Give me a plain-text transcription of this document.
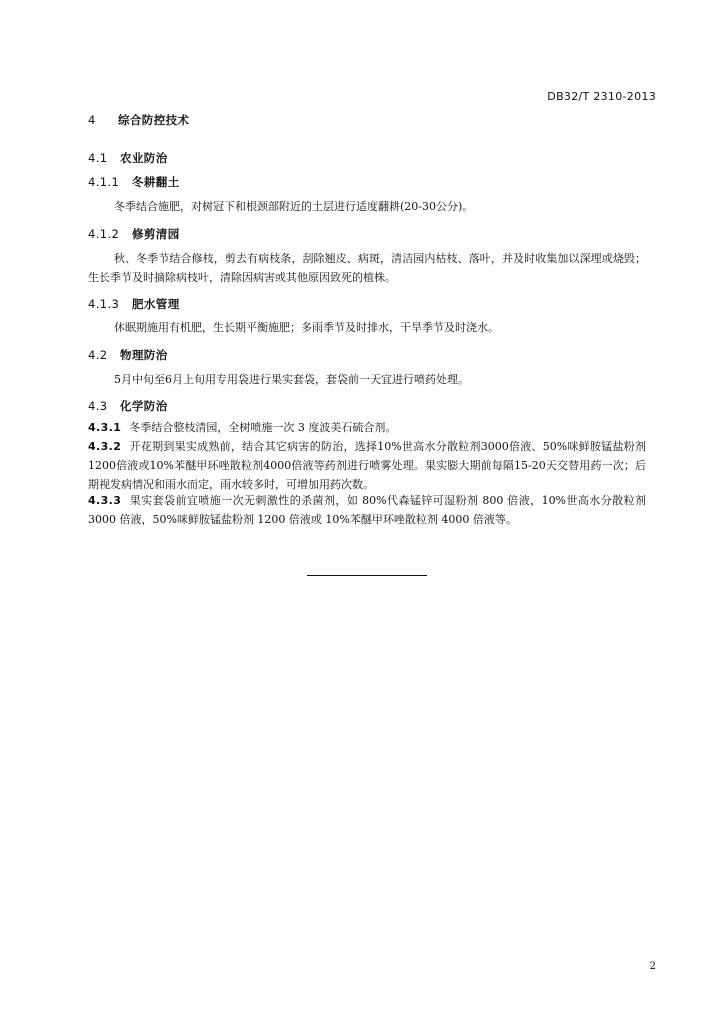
DB32/T 2310-2013
4 综合防控技术
4.1 农业防治
4.1.1 冬耕翻土
冬季结合施肥，对树冠下和根颈部附近的土层进行适度翻耕(20-30公分)。
4.1.2 修剪清园
秋、冬季节结合修枝，剪去有病枝条，刮除翘皮、病斑，清洁园内枯枝、落叶，并及时收集加以深埋或烧毁；生长季节及时摘除病枝叶，清除因病害或其他原因致死的植株。
4.1.3 肥水管理
休眠期施用有机肥，生长期平衡施肥；多雨季节及时排水，干旱季节及时浇水。
4.2 物理防治
5月中旬至6月上旬用专用袋进行果实套袋，套袋前一天宜进行喷药处理。
4.3 化学防治
4.3.1 冬季结合整枝清园，全树喷施一次 3 度波美石硫合剂。
4.3.2 开花期到果实成熟前，结合其它病害的防治，选择10%世高水分散粒剂3000倍液、50%咪鲜胺锰盐粉剂1200倍液或10%苯醚甲环唑散粒剂4000倍液等药剂进行喷雾处理。果实膨大期前每隔15-20天交替用药一次；后期视发病情况和雨水而定，雨水较多时，可增加用药次数。
4.3.3 果实套袋前宜喷施一次无刺激性的杀菌剂，如 80%代森锰锌可湿粉剂 800 倍液，10%世高水分散粒剂 3000 倍液，50%咪鲜胺锰盐粉剂 1200 倍液或 10%苯醚甲环唑散粒剂 4000 倍液等。
2
